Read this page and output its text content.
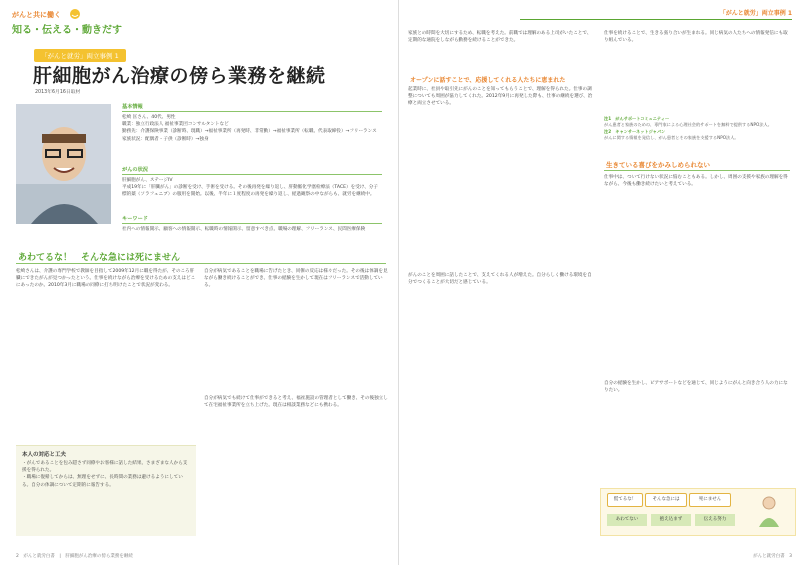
がんと共に働く
知る・伝える・動きだす
「がんと就労」両立事例 1
肝細胞がん治療の傍ら業務を継続
2013年6月16日取材
基本情報
松崎 匡さん、40代、男性
職業：独立行政法人 福祉事業団コンサルタントなど
勤務先：介護保険事業（診断時、現職）→福祉事業所（再発時、非常勤）→福祉事業所（転職、代表取締役）→フリーランス
家族状況：配偶者・子供（診断時）→独身
がんの状況
肝細胞がん、ステージIV
平成19年に「肝臓がん」の診断を受け、手術を受ける。その後再発を繰り返し、肝動脈化学塞栓療法（TACE）を受け、分子標的薬（ソラフェニブ）の服用を開始。以後、半年に１度程度の再発を繰り返し、経過観察の中ながらも、就労を継続中。
キーワード
社内への情報開示、顧客への情報開示、転職時の情報開示、留意すべき点、職場の理解、フリーランス、民間医療保険
あわてるな！　そんな急には死にません
松崎さんは、介護の専門学校で教師を目指して2009年12月に職を得たが、そのころ肝臓にできたがんが見つかったという。仕事を続けながら治療を受けるための支えはどこにあったのか。2010年3月に職場の同僚に打ち明けたことで状況が変わる。
自分が病気であることを職場に告げたとき、同僚の反応は様々だった。その後は体調を見ながら働き続けることができ、仕事の経験を生かして現在はフリーランスで活動している。
自分が病気でも続けて仕事ができると考え、福祉施設の管理者として働き、その後独立して在宅福祉事業所を立ち上げた。現在は相談業務などにも携わる。
本人の対応と工夫
・がんであることを包み隠さず同僚やお客様に話した結果、さまざまな人から支援を得られた。
・職場に復帰してからは、無理をせずに、長時間の業務は避けるようにしている。自分の体調について定期的に報告する。
2　がんと就労白書　|　肝細胞がん治療の傍ら業務を継続
「がんと就労」両立事例 1
家族との時間を大切にするため、転職を考えた。前職では理解のある上司がいたことで、定期的な通院をしながら勤務を続けることができた。
オープンに話すことで、応援してくれる人たちに恵まれた
起業時に、社員や取引先にがんのことを知ってもらうことで、理解を得られた。仕事の調整についても周囲が協力してくれた。2012年9月に再発した際も、仕事の継続を選び、治療と両立させている。
がんのことを周囲に話したことで、支えてくれる人が増えた。自分らしく働ける環境を自分でつくることが大切だと感じている。
仕事を続けることで、生きる張り合いが生まれる。同じ病気の人たちへの情報発信にも取り組んでいる。
注1　がんサポートコミュニティー
がん患者と家族のための、専門家による心理社会的サポートを無料で提供するNPO法人。
注2　キャンサーネットジャパン
がんに関する情報を発信し、がん患者とその家族を支援するNPO法人。
生きている喜びをかみしめられない
仕事中は、ついて行けない状況に悩むこともある。しかし、周囲の支援や家族の理解を得ながら、今後も働き続けたいと考えている。
自分の経験を生かし、ピアサポートなどを通じて、同じようにがんと向き合う人の力になりたい。
慌てるな！	そんな急には	死にません
あわてない	抱え込まず	伝える努力
がんと就労白書　3
